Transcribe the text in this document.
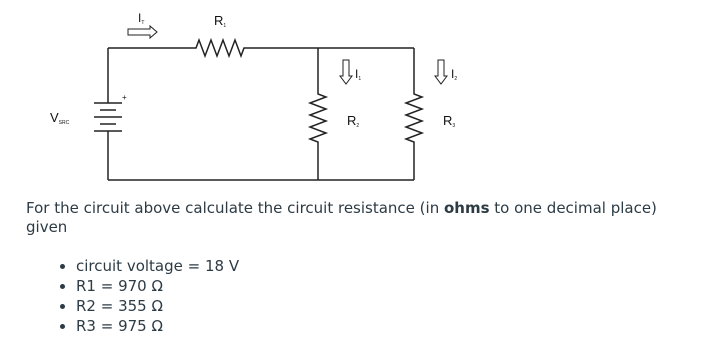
VSRC
+
IT	R1
I1	I2
R2	R3

For the circuit above calculate the circuit resistance (in ohms to one decimal place) given

• circuit voltage = 18 V
• R1 = 970 Ω
• R2 = 355 Ω
• R3 = 975 Ω
